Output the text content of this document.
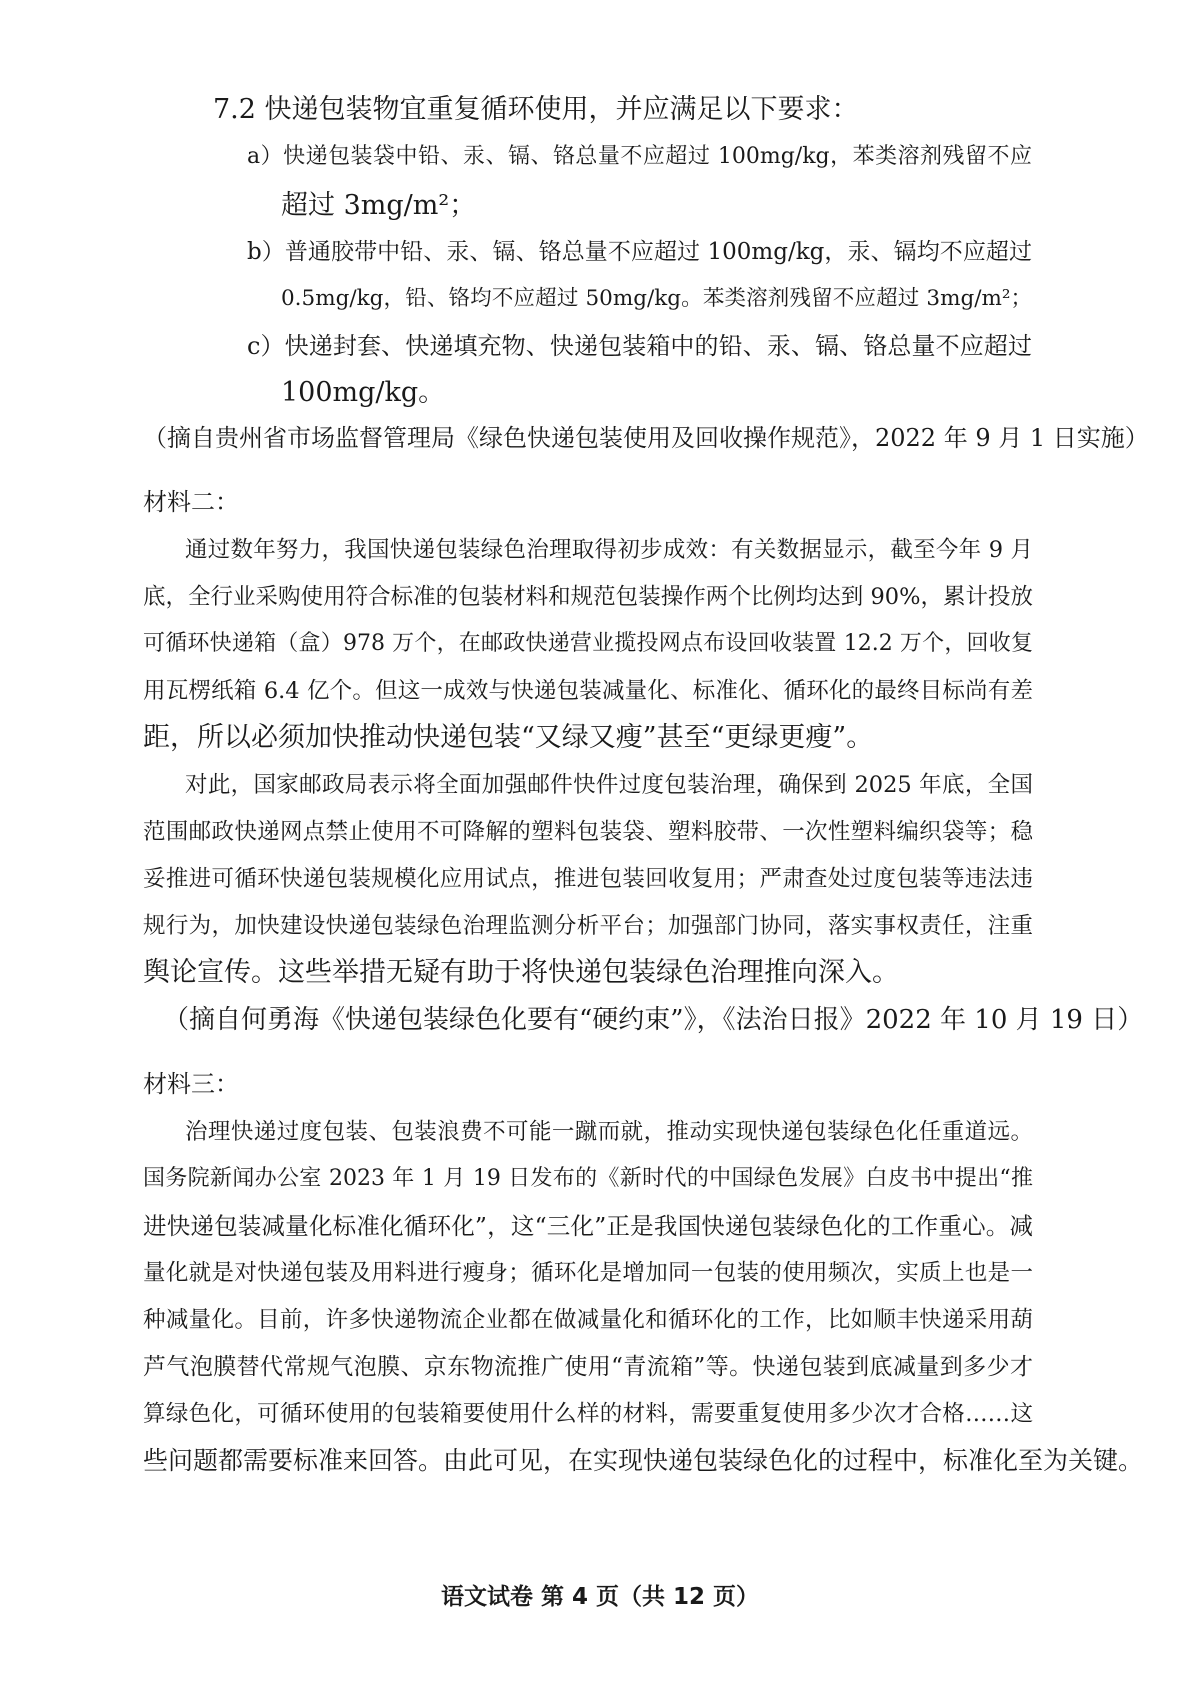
7.2 快递包装物宜重复循环使用，并应满足以下要求：

a）快递包装袋中铅、汞、镉、铬总量不应超过 100mg/kg，苯类溶剂残留不应

超过 3mg/m²；

b）普通胶带中铅、汞、镉、铬总量不应超过 100mg/kg，汞、镉均不应超过

0.5mg/kg，铅、铬均不应超过 50mg/kg。苯类溶剂残留不应超过 3mg/m²；

c）快递封套、快递填充物、快递包装箱中的铅、汞、镉、铬总量不应超过

100mg/kg。

（摘自贵州省市场监督管理局《绿色快递包装使用及回收操作规范》，2022 年 9 月 1 日实施）

材料二：

通过数年努力，我国快递包装绿色治理取得初步成效：有关数据显示，截至今年 9 月

底，全行业采购使用符合标准的包装材料和规范包装操作两个比例均达到 90%，累计投放

可循环快递箱（盒）978 万个，在邮政快递营业揽投网点布设回收装置 12.2 万个，回收复

用瓦楞纸箱 6.4 亿个。但这一成效与快递包装减量化、标准化、循环化的最终目标尚有差

距，所以必须加快推动快递包装“又绿又瘦”甚至“更绿更瘦”。

对此，国家邮政局表示将全面加强邮件快件过度包装治理，确保到 2025 年底，全国

范围邮政快递网点禁止使用不可降解的塑料包装袋、塑料胶带、一次性塑料编织袋等；稳

妥推进可循环快递包装规模化应用试点，推进包装回收复用；严肃查处过度包装等违法违

规行为，加快建设快递包装绿色治理监测分析平台；加强部门协同，落实事权责任，注重

舆论宣传。这些举措无疑有助于将快递包装绿色治理推向深入。

（摘自何勇海《快递包装绿色化要有“硬约束”》，《法治日报》2022 年 10 月 19 日）

材料三：

治理快递过度包装、包装浪费不可能一蹴而就，推动实现快递包装绿色化任重道远。

国务院新闻办公室 2023 年 1 月 19 日发布的《新时代的中国绿色发展》白皮书中提出“推

进快递包装减量化标准化循环化”，这“三化”正是我国快递包装绿色化的工作重心。减

量化就是对快递包装及用料进行瘦身；循环化是增加同一包装的使用频次，实质上也是一

种减量化。目前，许多快递物流企业都在做减量化和循环化的工作，比如顺丰快递采用葫

芦气泡膜替代常规气泡膜、京东物流推广使用“青流箱”等。快递包装到底减量到多少才

算绿色化，可循环使用的包装箱要使用什么样的材料，需要重复使用多少次才合格……这

些问题都需要标准来回答。由此可见，在实现快递包装绿色化的过程中，标准化至为关键。

语文试卷 第 4 页（共 12 页）
